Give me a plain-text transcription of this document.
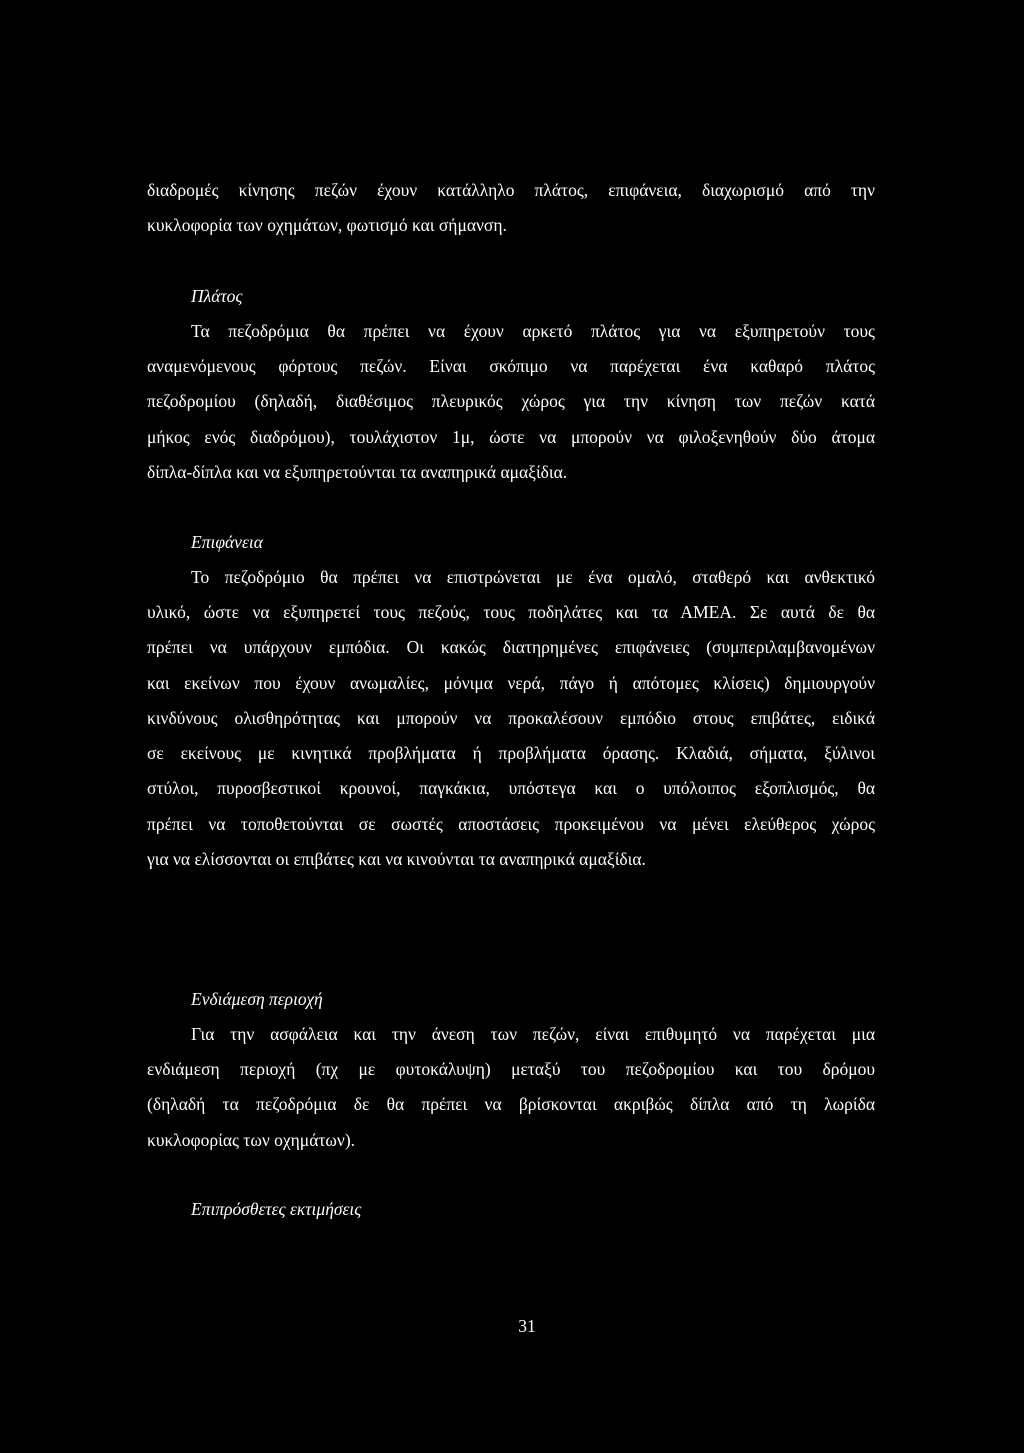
διαδρομές κίνησης πεζών έχουν κατάλληλο πλάτος, επιφάνεια, διαχωρισμό από την
κυκλοφορία των οχημάτων, φωτισμό και σήμανση.
Πλάτος
Τα πεζοδρόμια θα πρέπει να έχουν αρκετό πλάτος για να εξυπηρετούν τους
αναμενόμενους φόρτους πεζών. Είναι σκόπιμο να παρέχεται ένα καθαρό πλάτος
πεζοδρομίου (δηλαδή, διαθέσιμος πλευρικός χώρος για την κίνηση των πεζών κατά
μήκος ενός διαδρόμου), τουλάχιστον 1μ, ώστε να μπορούν να φιλοξενηθούν δύο άτομα
δίπλα-δίπλα και να εξυπηρετούνται τα αναπηρικά αμαξίδια.
Επιφάνεια
Το πεζοδρόμιο θα πρέπει να επιστρώνεται με ένα ομαλό, σταθερό και ανθεκτικό
υλικό, ώστε να εξυπηρετεί τους πεζούς, τους ποδηλάτες και τα ΑΜΕΑ. Σε αυτά δε θα
πρέπει να υπάρχουν εμπόδια. Οι κακώς διατηρημένες επιφάνειες (συμπεριλαμβανομένων
και εκείνων που έχουν ανωμαλίες, μόνιμα νερά, πάγο ή απότομες κλίσεις) δημιουργούν
κινδύνους ολισθηρότητας και μπορούν να προκαλέσουν εμπόδιο στους επιβάτες, ειδικά
σε εκείνους με κινητικά προβλήματα ή προβλήματα όρασης. Κλαδιά, σήματα, ξύλινοι
στύλοι, πυροσβεστικοί κρουνοί, παγκάκια, υπόστεγα και ο υπόλοιπος εξοπλισμός, θα
πρέπει να τοποθετούνται σε σωστές αποστάσεις προκειμένου να μένει ελεύθερος χώρος
για να ελίσσονται οι επιβάτες και να κινούνται τα αναπηρικά αμαξίδια.
Ενδιάμεση περιοχή
Για την ασφάλεια και την άνεση των πεζών, είναι επιθυμητό να παρέχεται μια
ενδιάμεση περιοχή (πχ με φυτοκάλυψη) μεταξύ του πεζοδρομίου και του δρόμου
(δηλαδή τα πεζοδρόμια δε θα πρέπει να βρίσκονται ακριβώς δίπλα από τη λωρίδα
κυκλοφορίας των οχημάτων).
Επιπρόσθετες εκτιμήσεις
31
